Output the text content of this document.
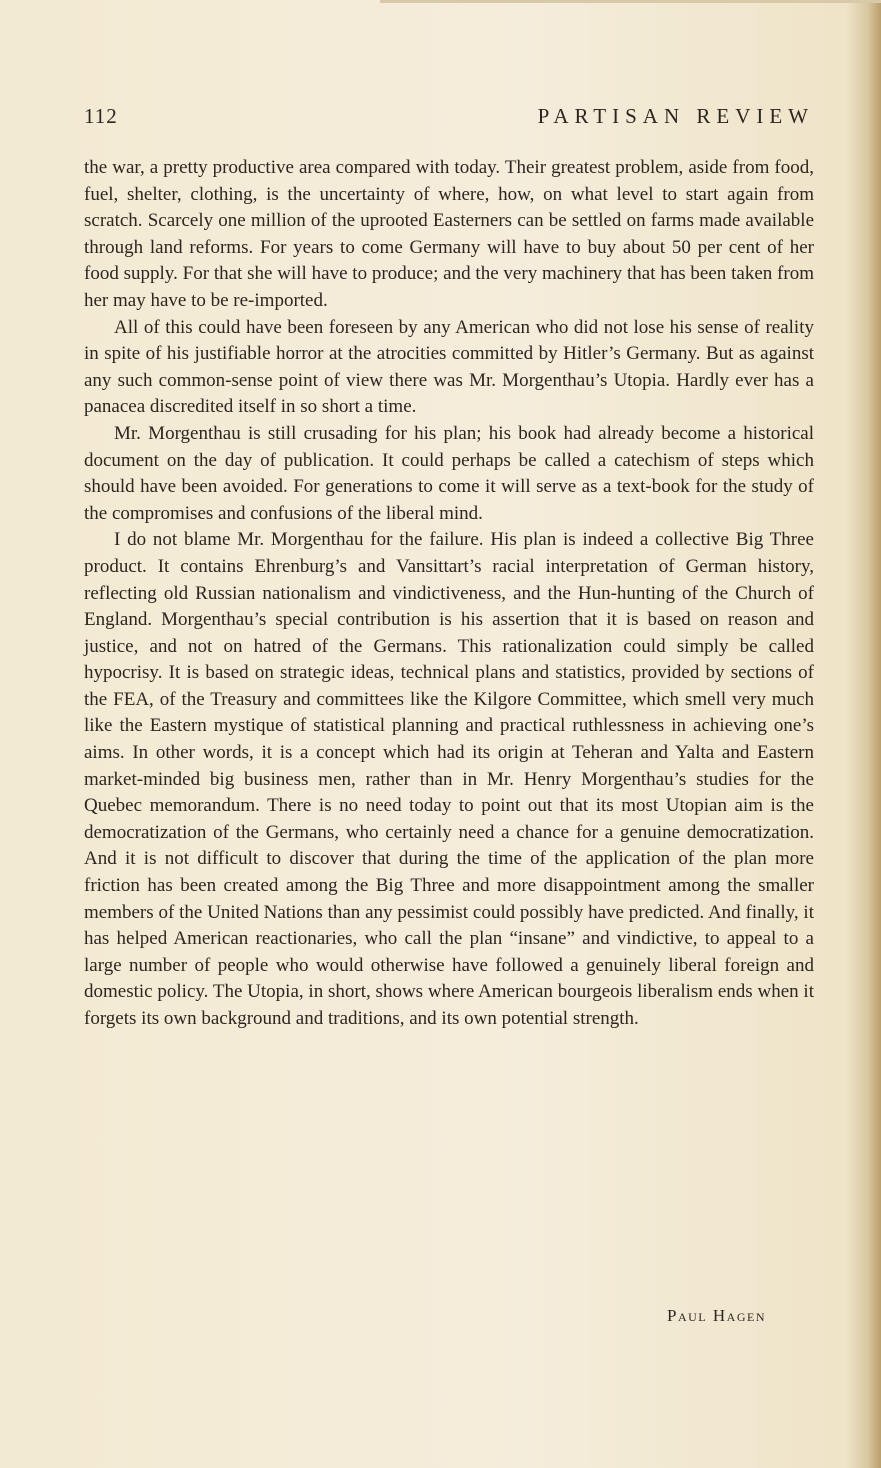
112	PARTISAN REVIEW

the war, a pretty productive area compared with today. Their greatest problem, aside from food, fuel, shelter, clothing, is the uncertainty of where, how, on what level to start again from scratch. Scarcely one million of the uprooted Easterners can be settled on farms made available through land reforms. For years to come Germany will have to buy about 50 per cent of her food supply. For that she will have to produce; and the very machinery that has been taken from her may have to be re-imported.

All of this could have been foreseen by any American who did not lose his sense of reality in spite of his justifiable horror at the atrocities committed by Hitler’s Germany. But as against any such common-sense point of view there was Mr. Morgenthau’s Utopia. Hardly ever has a panacea discredited itself in so short a time.

Mr. Morgenthau is still crusading for his plan; his book had already become a historical document on the day of publication. It could perhaps be called a catechism of steps which should have been avoided. For generations to come it will serve as a text-book for the study of the compromises and confusions of the liberal mind.

I do not blame Mr. Morgenthau for the failure. His plan is indeed a collective Big Three product. It contains Ehrenburg’s and Vansittart’s racial interpretation of German history, reflecting old Russian nationalism and vindictiveness, and the Hun-hunting of the Church of England. Morgenthau’s special contribution is his assertion that it is based on reason and justice, and not on hatred of the Germans. This rationalization could simply be called hypocrisy. It is based on strategic ideas, technical plans and statistics, provided by sections of the FEA, of the Treasury and committees like the Kilgore Committee, which smell very much like the Eastern mystique of statistical planning and practical ruthlessness in achieving one’s aims. In other words, it is a concept which had its origin at Teheran and Yalta and Eastern market-minded big business men, rather than in Mr. Henry Morgenthau’s studies for the Quebec memorandum. There is no need today to point out that its most Utopian aim is the democratization of the Germans, who certainly need a chance for a genuine democratization. And it is not difficult to discover that during the time of the application of the plan more friction has been created among the Big Three and more disappointment among the smaller members of the United Nations than any pessimist could possibly have predicted. And finally, it has helped American reactionaries, who call the plan “insane” and vindictive, to appeal to a large number of people who would otherwise have followed a genuinely liberal foreign and domestic policy. The Utopia, in short, shows where American bourgeois liberalism ends when it forgets its own background and traditions, and its own potential strength.

Paul Hagen
